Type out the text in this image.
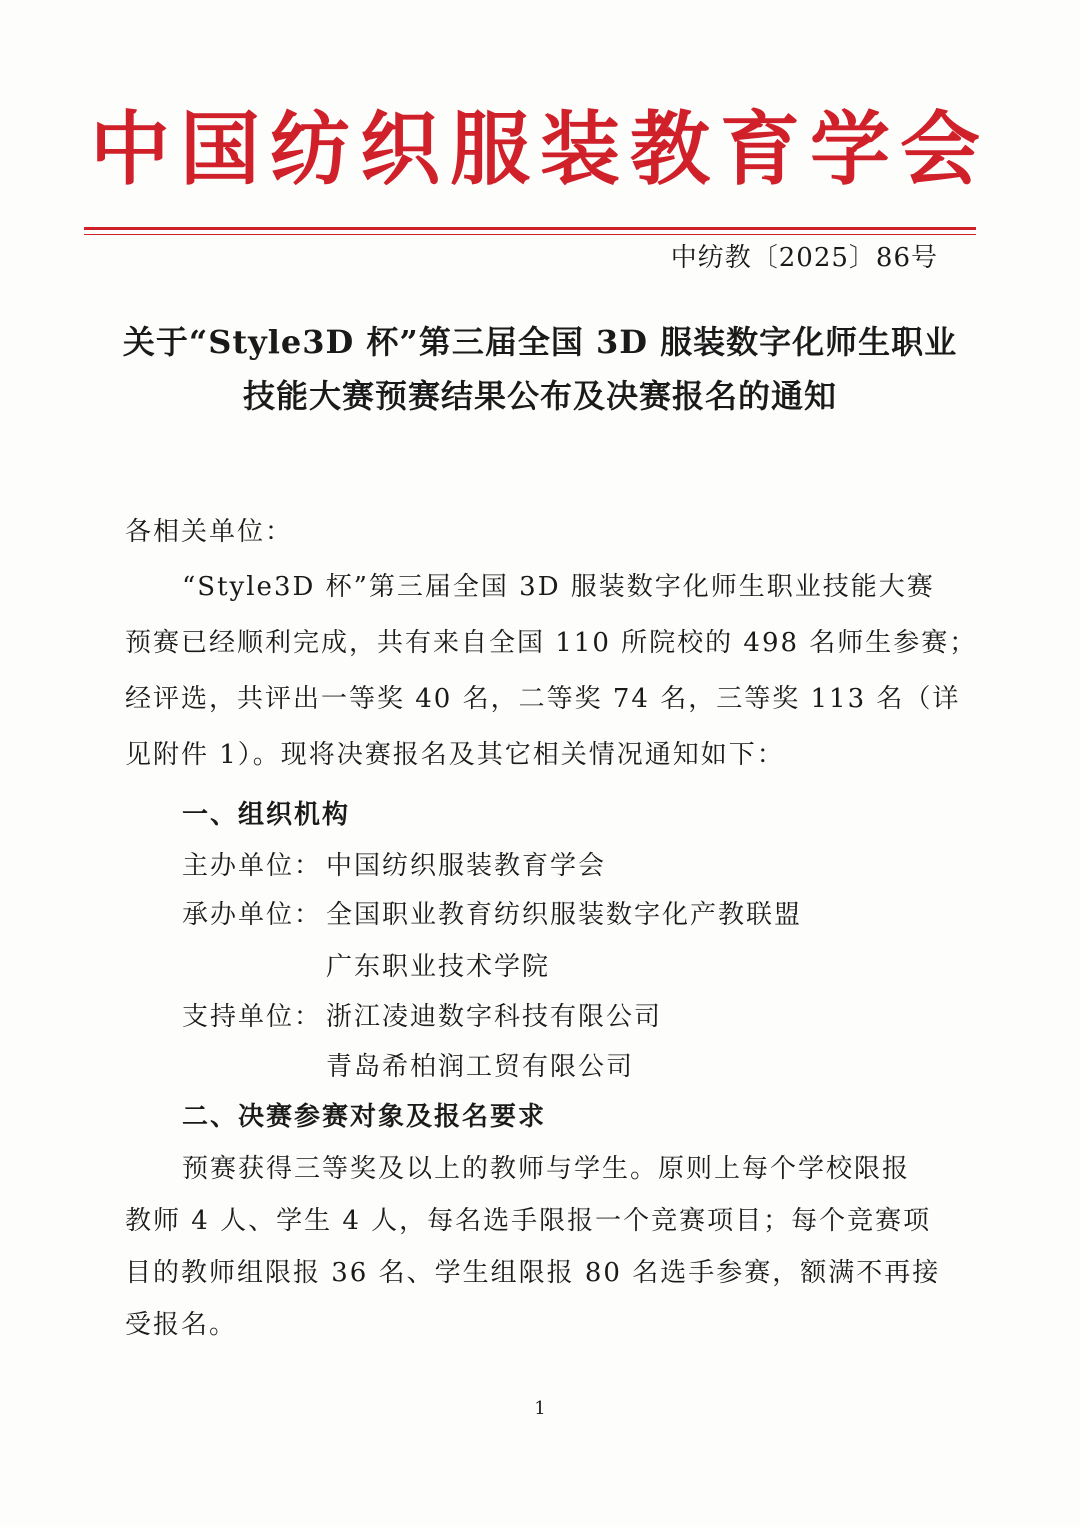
中国纺织服装教育学会
中纺教〔2025〕86号
关于“Style3D 杯”第三届全国 3D 服装数字化师生职业
技能大赛预赛结果公布及决赛报名的通知
各相关单位：
“Style3D 杯”第三届全国 3D 服装数字化师生职业技能大赛
预赛已经顺利完成，共有来自全国 110 所院校的 498 名师生参赛；
经评选，共评出一等奖 40 名，二等奖 74 名，三等奖 113 名（详
见附件 1）。现将决赛报名及其它相关情况通知如下：
一、组织机构
主办单位： 中国纺织服装教育学会
承办单位： 全国职业教育纺织服装数字化产教联盟
广东职业技术学院
支持单位： 浙江凌迪数字科技有限公司
青岛希柏润工贸有限公司
二、决赛参赛对象及报名要求
预赛获得三等奖及以上的教师与学生。原则上每个学校限报
教师 4 人、学生 4 人，每名选手限报一个竞赛项目；每个竞赛项
目的教师组限报 36 名、学生组限报 80 名选手参赛，额满不再接
受报名。
1
